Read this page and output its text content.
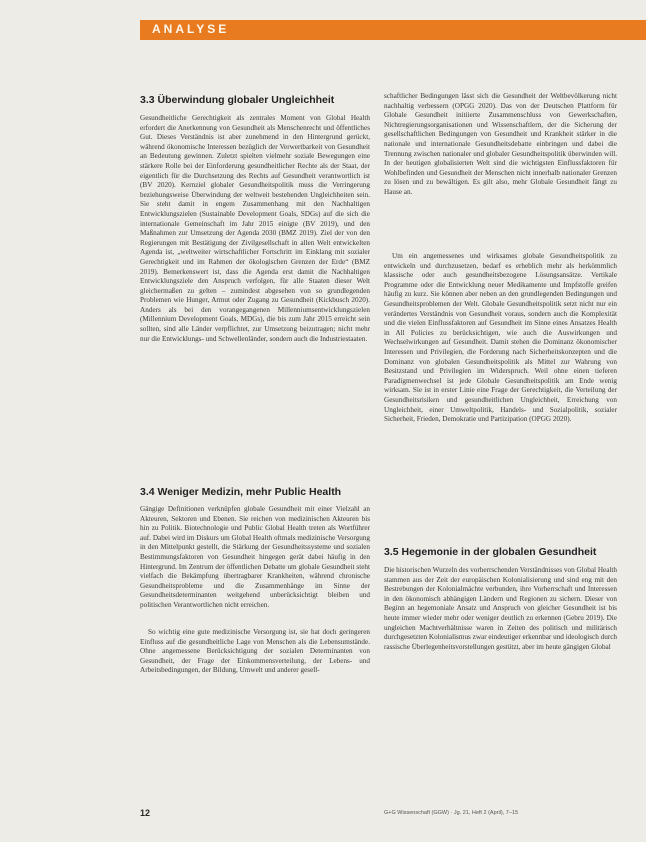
ANALYSE
3.3 Überwindung globaler Ungleichheit

Gesundheitliche Gerechtigkeit als zentrales Moment von Global Health erfordert die Anerkennung von Gesundheit als Menschenrecht und öffentliches Gut. Dieses Verständnis ist aber zunehmend in den Hintergrund gerückt, während ökonomische Interessen bezüglich der Verwertbarkeit von Gesundheit an Bedeutung gewinnen. Zuletzt spielten vielmehr soziale Bewegungen eine stärkere Rolle bei der Einforderung gesundheitlicher Rechte als der Staat, der eigentlich für die Durchsetzung des Rechts auf Gesundheit verantwortlich ist (BV 2020). Kernziel globaler Gesundheitspolitik muss die Verringerung beziehungsweise Überwindung der weltweit bestehenden Ungleichheiten sein. Sie steht damit in engem Zusammenhang mit den Nachhaltigen Entwicklungszielen (Sustainable Development Goals, SDGs) auf die sich die internationale Gemeinschaft im Jahr 2015 einigte (BV 2019), und den Maßnahmen zur Umsetzung der Agenda 2030 (BMZ 2019). Ziel der von den Regierungen mit Bestätigung der Zivilgesellschaft in allen Welt entwickelten Agenda ist, „weltweiter wirtschaftlicher Fortschritt im Einklang mit sozialer Gerechtigkeit und im Rahmen der ökologischen Grenzen der Erde“ (BMZ 2019). Bemerkenswert ist, dass die Agenda erst damit die Nachhaltigen Entwicklungsziele den Anspruch verfolgen, für alle Staaten dieser Welt gleichermaßen zu gelten – zumindest abgesehen von so grundlegenden Problemen wie Hunger, Armut oder Zugang zu Gesundheit (Kickbusch 2020). Anders als bei den vorangegangenen Millenniumsentwicklungszielen (Millennium Development Goals, MDGs), die bis zum Jahr 2015 erreicht sein sollten, sind alle Länder verpflichtet, zur Umsetzung beizutragen; nicht mehr nur die Entwicklungs- und Schwellenländer, sondern auch die Industriestaaten.

3.4 Weniger Medizin, mehr Public Health

Gängige Definitionen verknüpfen globale Gesundheit mit einer Vielzahl an Akteuren, Sektoren und Ebenen. Sie reichen von medizinischen Akteuren bis hin zu Politik. Biotechnologie und Public Global Health treten als Wortführer auf. Dabei wird im Diskurs um Global Health oftmals medizinische Versorgung in den Mittelpunkt gestellt, die Stärkung der Gesundheitssysteme und sozialen Bestimmungsfaktoren von Gesundheit hingegen gerät dabei häufig in den Hintergrund. Im Zentrum der öffentlichen Debatte um globale Gesundheit steht vielfach die Bekämpfung übertragbarer Krankheiten, während chronische Gesundheitsprobleme und die Zusammenhänge im Sinne der Gesundheitsdeterminanten weitgehend unberücksichtigt bleiben und politischen Verantwortlichen nicht erreichen.

So wichtig eine gute medizinische Versorgung ist, sie hat doch geringeren Einfluss auf die gesundheitliche Lage von Menschen als die Lebensumstände. Ohne angemessene Berücksichtigung der sozialen Determinanten von Gesundheit, der Frage der Einkommensverteilung, der Lebens- und Arbeitsbedingungen, der Bildung, Umwelt und anderer gesell-

schaftlicher Bedingungen lässt sich die Gesundheit der Weltbevölkerung nicht nachhaltig verbessern (OPGG 2020). Das von der Deutschen Plattform für Globale Gesundheit initiierte Zusammenschluss von Gewerkschaften, Nichtregierungsorganisationen und Wissenschaftlern, der die Sicherung der gesellschaftlichen Bedingungen von Gesundheit und Krankheit stärker in die nationale und internationale Gesundheitsdebatte einbringen und dabei die Trennung zwischen nationaler und globaler Gesundheitspolitik überwinden will. In der heutigen globalisierten Welt sind die wichtigsten Einflussfaktoren für Wohlbefinden und Gesundheit der Menschen nicht innerhalb nationaler Grenzen zu lösen und zu bewältigen. Es gilt also, mehr Globale Gesundheit fängt zu Hause an.

Um ein angemessenes und wirksames globale Gesundheitspolitik zu entwickeln und durchzusetzen, bedarf es erheblich mehr als herkömmlich klassische oder auch gesundheitsbezogene Lösungsansätze. Vertikale Programme oder die Entwicklung neuer Medikamente und Impfstoffe greifen häufig zu kurz. Sie können aber neben an den grundlegenden Bedingungen und Gesundheitsproblemen der Welt. Globale Gesundheitspolitik setzt nicht nur ein verändertes Verständnis von Gesundheit voraus, sondern auch die Komplexität und die vielen Einflussfaktoren auf Gesundheit im Sinne eines Ansatzes Health in All Policies zu berücksichtigen, wie auch die Auswirkungen und Wechselwirkungen auf Gesundheit. Damit stehen die Dominanz ökonomischer Interessen und Privilegien, die Forderung nach Sicherheitskonzepten und die Dominanz von globalen Gesundheitspolitik als Mittel zur Wahrung von Besitzstand und Privilegien im Widerspruch. Weil ohne einen tieferen Paradigmenwechsel ist jede Globale Gesundheitspolitik am Ende wenig wirksam. Sie ist in erster Linie eine Frage der Gerechtigkeit, die Verteilung der Gesundheitsrisiken und gesundheitlichen Ungleichheit, Erreichung von Ungleichheit, einer Umweltpolitik, Handels- und Sozialpolitik, sozialer Sicherheit, Frieden, Demokratie und Partizipation (OPGG 2020).

3.5 Hegemonie in der globalen Gesundheit

Die historischen Wurzeln des vorherrschenden Verständnisses von Global Health stammen aus der Zeit der europäischen Kolonialisierung und sind eng mit den Bestrebungen der Kolonialmächte verbunden, ihre Vorherrschaft und Interessen in den ökonomisch abhängigen Ländern und Regionen zu sichern. Dieser von Beginn an hegemoniale Ansatz und Anspruch von gleicher Gesundheit ist bis heute immer wieder mehr oder weniger deutlich zu erkennen (Gebru 2019). Die ungleichen Machtverhältnisse waren in Zeiten des politisch und militärisch durchgesetzten Kolonialismus zwar eindeutiger erkennbar und ideologisch durch rassische Überlegenheitsvorstellungen gestützt, aber im heute gängigen Global

12	G+G Wissenschaft (GGW) · Jg. 21, Heft 2 (April), 7–15
